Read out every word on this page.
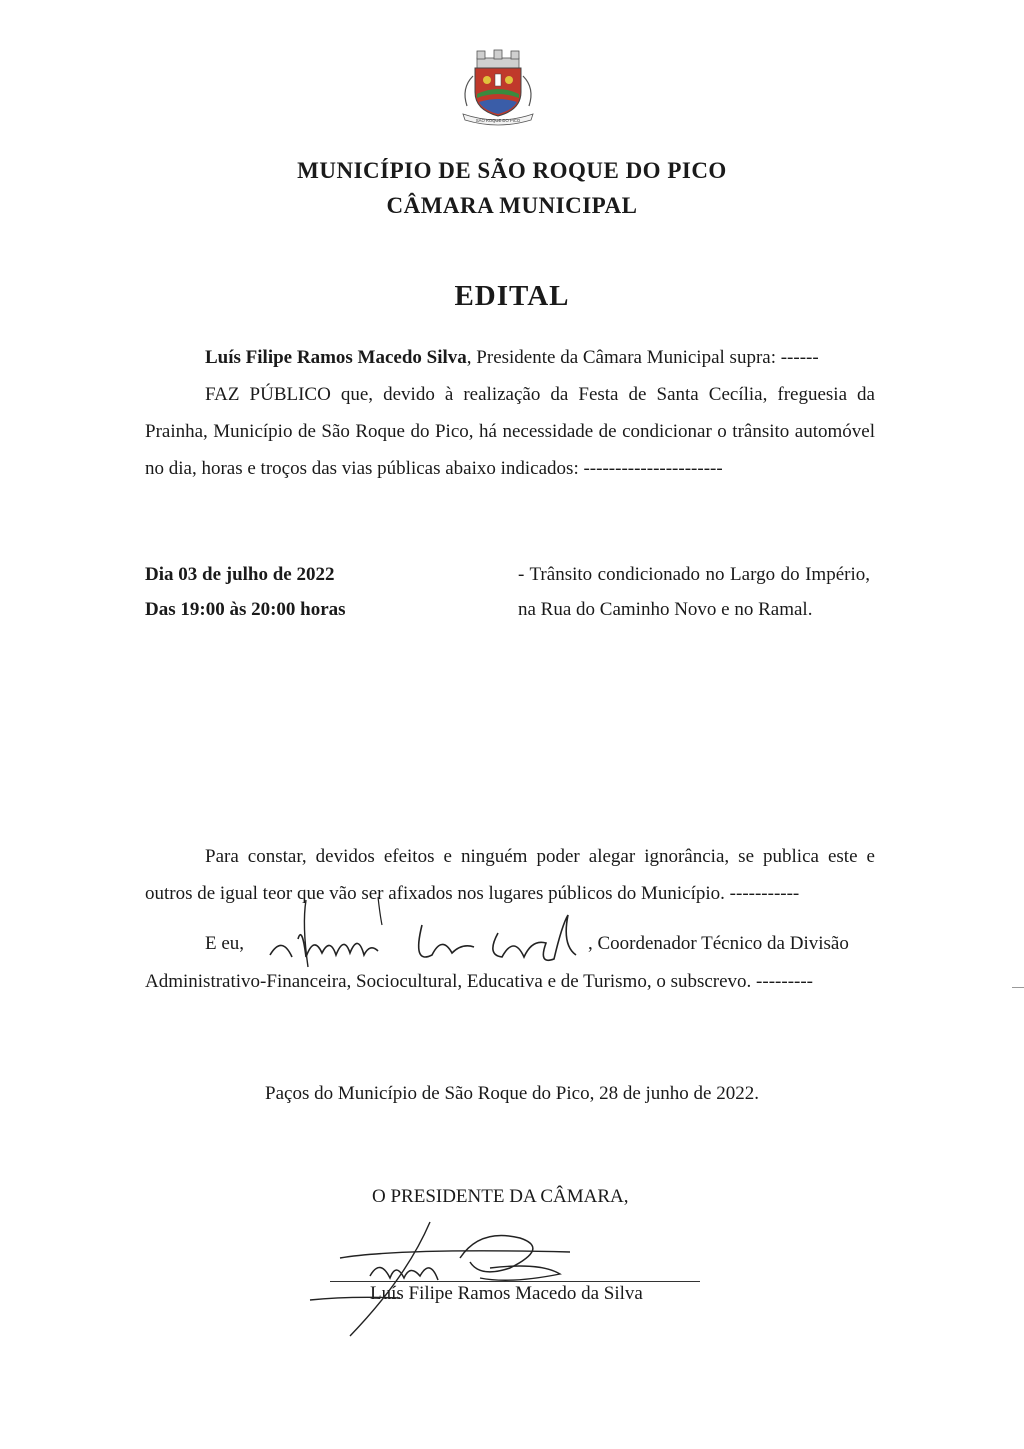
SÃO ROQUE DO PICO
MUNICÍPIO DE SÃO ROQUE DO PICO
CÂMARA MUNICIPAL
EDITAL

Luís Filipe Ramos Macedo Silva, Presidente da Câmara Municipal supra: ------

FAZ PÚBLICO que, devido à realização da Festa de Santa Cecília, freguesia da Prainha, Município de São Roque do Pico, há necessidade de condicionar o trânsito automóvel no dia, horas e troços das vias públicas abaixo indicados: ----------------------

Dia 03 de julho de 2022
Das 19:00 às 20:00 horas
- Trânsito condicionado no Largo do Império, na Rua do Caminho Novo e no Ramal.

Para constar, devidos efeitos e ninguém poder alegar ignorância, se publica este e outros de igual teor que vão ser afixados nos lugares públicos do Município. -----------

E eu,	, Coordenador Técnico da Divisão
Administrativo-Financeira, Sociocultural, Educativa e de Turismo, o subscrevo. ---------
Paços do Município de São Roque do Pico, 28 de junho de 2022.
O PRESIDENTE DA CÂMARA,
Luís Filipe Ramos Macedo da Silva
